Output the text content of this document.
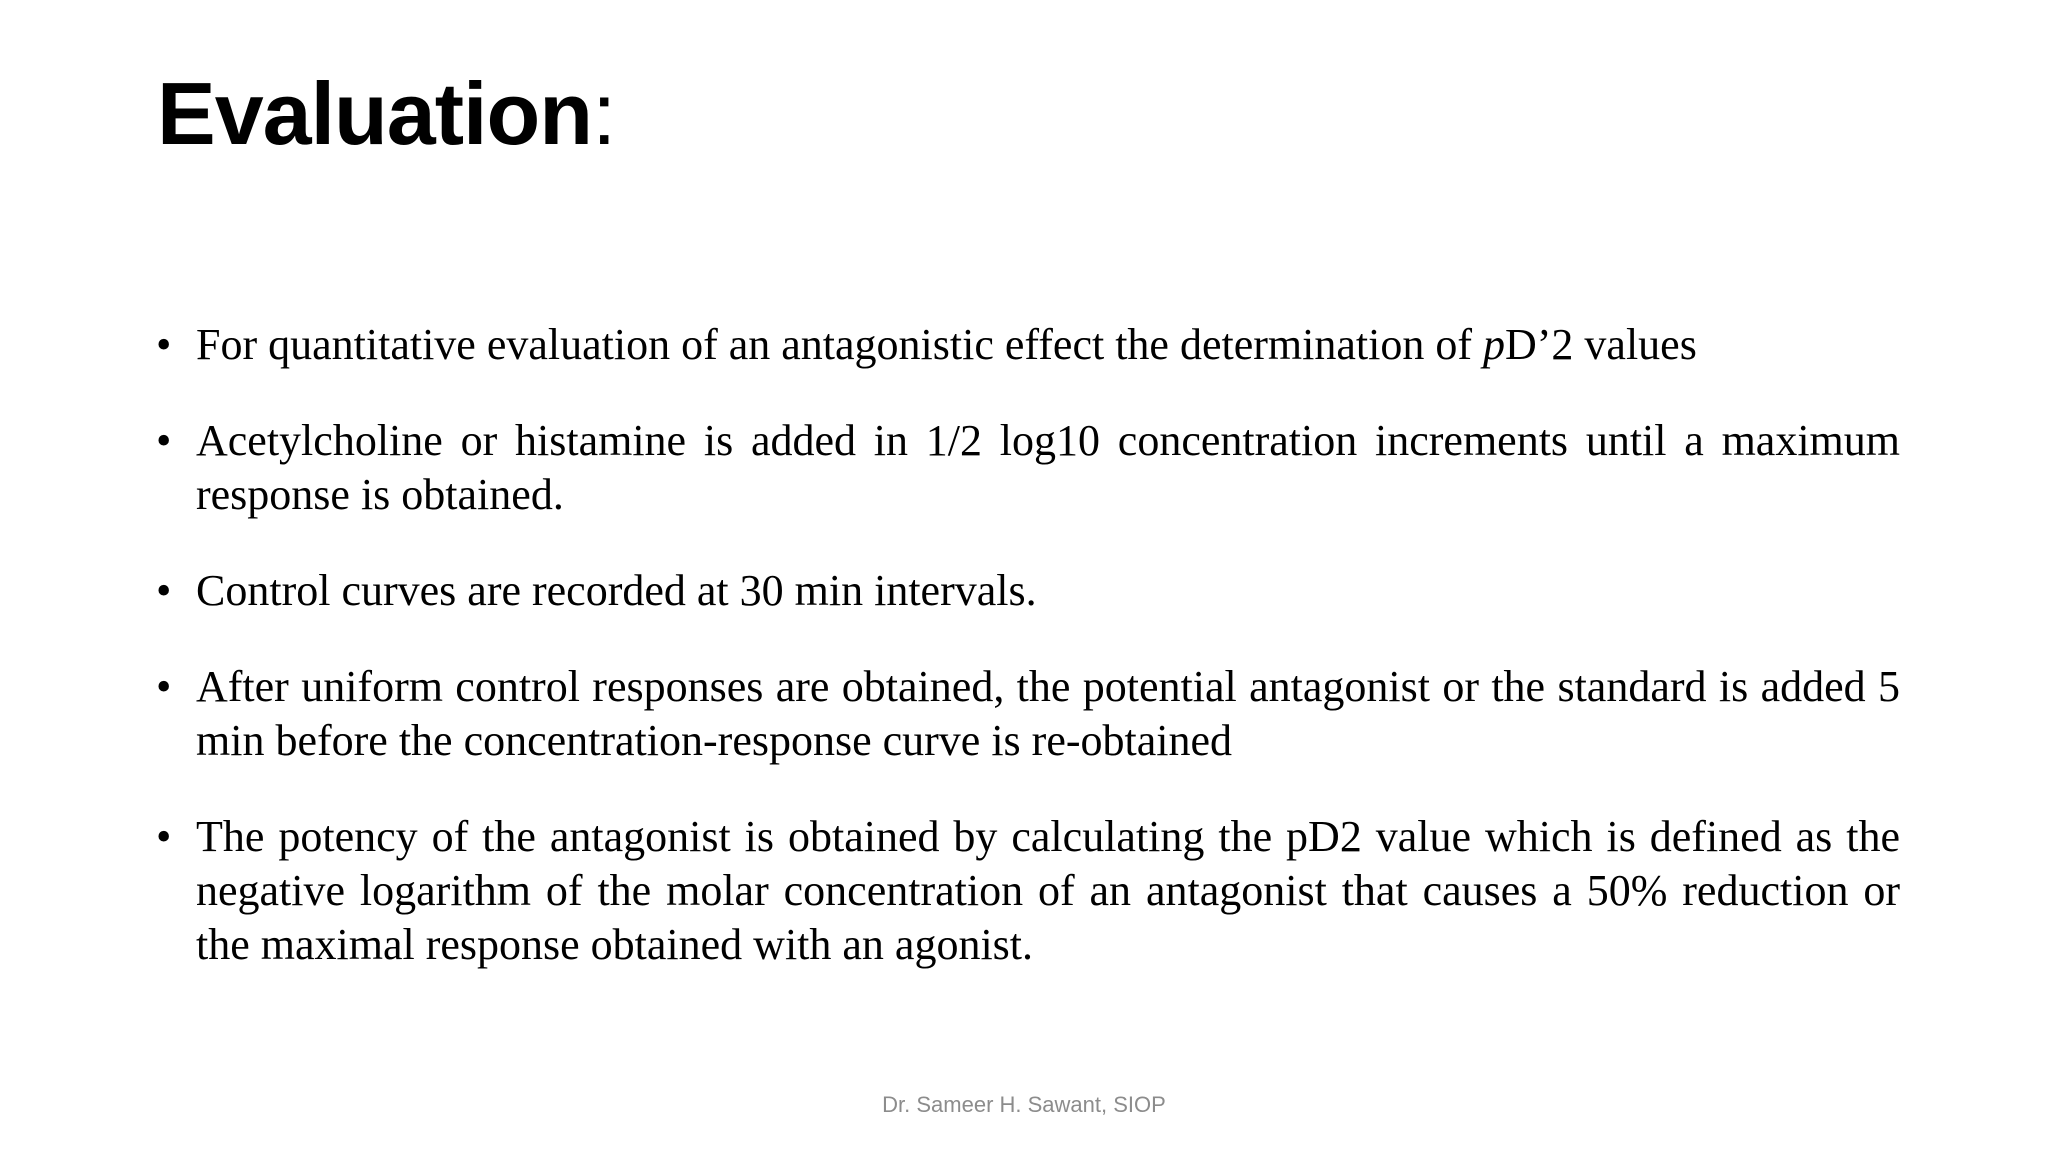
Evaluation:
• For quantitative evaluation of an antagonistic effect the determination of pD’2 values
• Acetylcholine or histamine is added in 1/2 log10 concentration increments until a maximum response is obtained.
• Control curves are recorded at 30 min intervals.
• After uniform control responses are obtained, the potential antagonist or the standard is added 5 min before the concentration-response curve is re-obtained
• The potency of the antagonist is obtained by calculating the pD2 value which is defined as the negative logarithm of the molar concentration of an antagonist that causes a 50% reduction or the maximal response obtained with an agonist.
Dr. Sameer H. Sawant, SIOP
